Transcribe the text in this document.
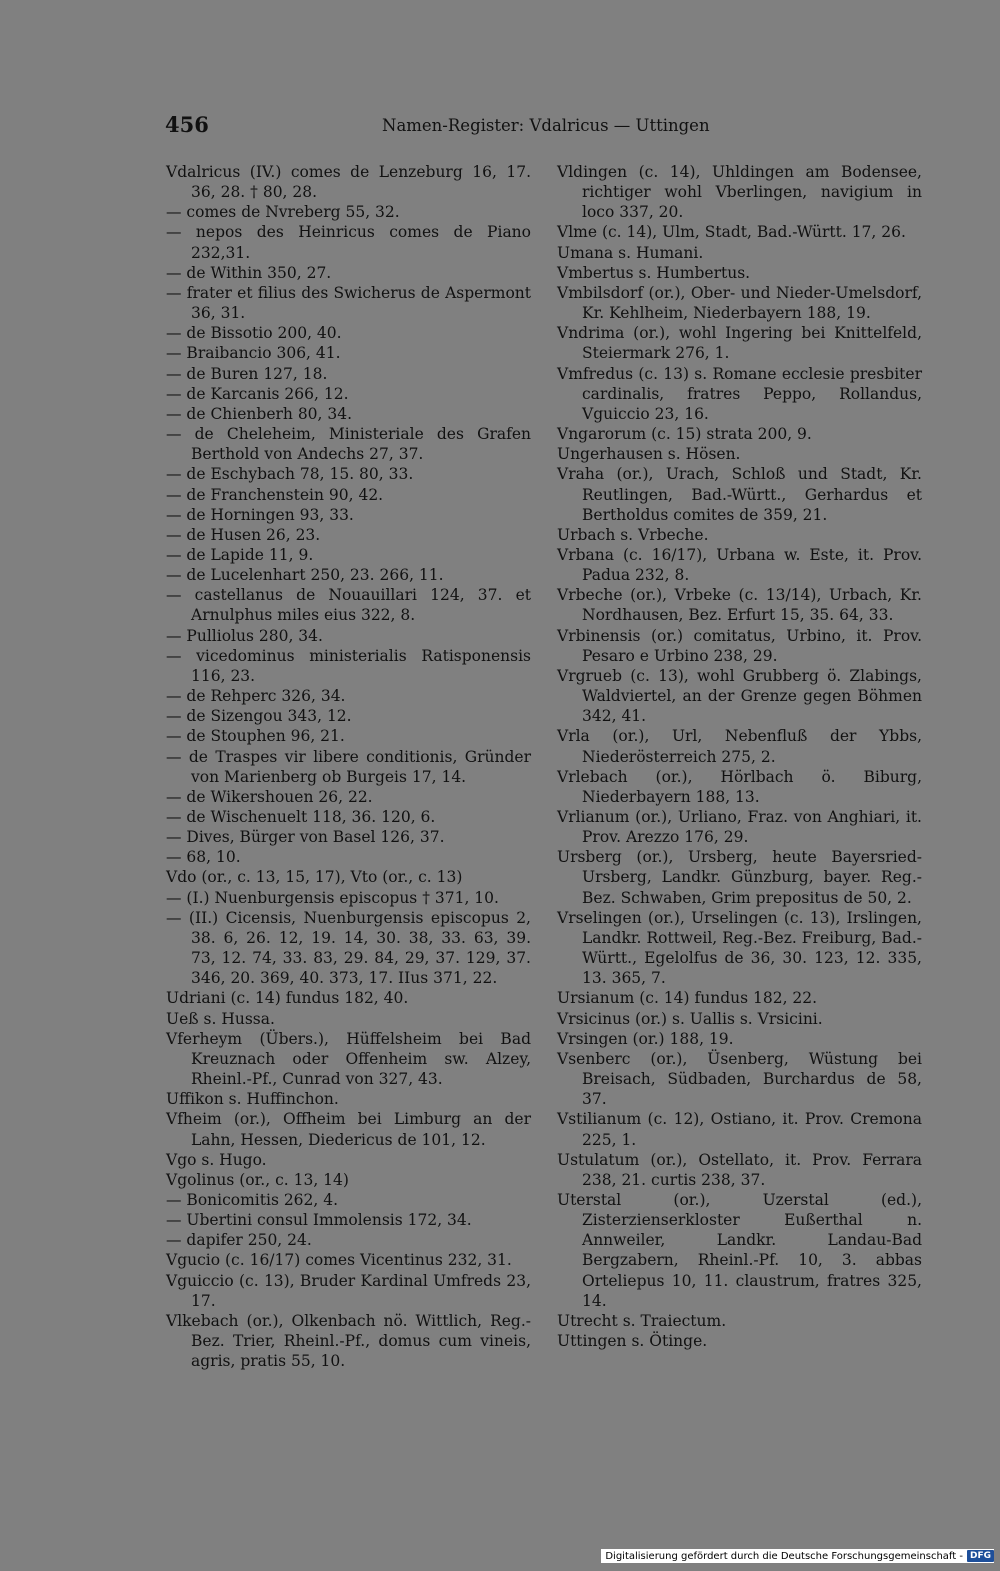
456	Namen-Register: Vdalricus — Uttingen
Vdalricus (IV.) comes de Lenzeburg 16, 17. 36, 28. † 80, 28.
— comes de Nvreberg 55, 32.
— nepos des Heinricus comes de Piano 232,31.
— de Within 350, 27.
— frater et filius des Swicherus de Aspermont 36, 31.
— de Bissotio 200, 40.
— Braibancio 306, 41.
— de Buren 127, 18.
— de Karcanis 266, 12.
— de Chienberh 80, 34.
— de Cheleheim, Ministeriale des Grafen Berthold von Andechs 27, 37.
— de Eschybach 78, 15. 80, 33.
— de Franchenstein 90, 42.
— de Horningen 93, 33.
— de Husen 26, 23.
— de Lapide 11, 9.
— de Lucelenhart 250, 23. 266, 11.
— castellanus de Nouauillari 124, 37. et Arnulphus miles eius 322, 8.
— Pulliolus 280, 34.
— vicedominus ministerialis Ratisponensis 116, 23.
— de Rehperc 326, 34.
— de Sizengou 343, 12.
— de Stouphen 96, 21.
— de Traspes vir libere conditionis, Gründer von Marienberg ob Burgeis 17, 14.
— de Wikershouen 26, 22.
— de Wischenuelt 118, 36. 120, 6.
— Dives, Bürger von Basel 126, 37.
— 68, 10.
Vdo (or., c. 13, 15, 17), Vto (or., c. 13)
— (I.) Nuenburgensis episcopus † 371, 10.
— (II.) Cicensis, Nuenburgensis episcopus 2, 38. 6, 26. 12, 19. 14, 30. 38, 33. 63, 39. 73, 12. 74, 33. 83, 29. 84, 29, 37. 129, 37. 346, 20. 369, 40. 373, 17. IIus 371, 22.
Udriani (c. 14) fundus 182, 40.
Ueß s. Hussa.
Vferheym (Übers.), Hüffelsheim bei Bad Kreuznach oder Offenheim sw. Alzey, Rheinl.-Pf., Cunrad von 327, 43.
Uffikon s. Huffinchon.
Vfheim (or.), Offheim bei Limburg an der Lahn, Hessen, Diedericus de 101, 12.
Vgo s. Hugo.
Vgolinus (or., c. 13, 14)
— Bonicomitis 262, 4.
— Ubertini consul Immolensis 172, 34.
— dapifer 250, 24.
Vgucio (c. 16/17) comes Vicentinus 232, 31.
Vguiccio (c. 13), Bruder Kardinal Umfreds 23, 17.
Vlkebach (or.), Olkenbach nö. Wittlich, Reg.-Bez. Trier, Rheinl.-Pf., domus cum vineis, agris, pratis 55, 10.
Vldingen (c. 14), Uhldingen am Bodensee, richtiger wohl Vberlingen, navigium in loco 337, 20.
Vlme (c. 14), Ulm, Stadt, Bad.-Württ. 17, 26.
Umana s. Humani.
Vmbertus s. Humbertus.
Vmbilsdorf (or.), Ober- und Nieder-Umelsdorf, Kr. Kehlheim, Niederbayern 188, 19.
Vndrima (or.), wohl Ingering bei Knittelfeld, Steiermark 276, 1.
Vmfredus (c. 13) s. Romane ecclesie presbiter cardinalis, fratres Peppo, Rollandus, Vguiccio 23, 16.
Vngarorum (c. 15) strata 200, 9.
Ungerhausen s. Hösen.
Vraha (or.), Urach, Schloß und Stadt, Kr. Reutlingen, Bad.-Württ., Gerhardus et Bertholdus comites de 359, 21.
Urbach s. Vrbeche.
Vrbana (c. 16/17), Urbana w. Este, it. Prov. Padua 232, 8.
Vrbeche (or.), Vrbeke (c. 13/14), Urbach, Kr. Nordhausen, Bez. Erfurt 15, 35. 64, 33.
Vrbinensis (or.) comitatus, Urbino, it. Prov. Pesaro e Urbino 238, 29.
Vrgrueb (c. 13), wohl Grubberg ö. Zlabings, Waldviertel, an der Grenze gegen Böhmen 342, 41.
Vrla (or.), Url, Nebenfluß der Ybbs, Niederösterreich 275, 2.
Vrlebach (or.), Hörlbach ö. Biburg, Niederbayern 188, 13.
Vrlianum (or.), Urliano, Fraz. von Anghiari, it. Prov. Arezzo 176, 29.
Ursberg (or.), Ursberg, heute Bayersried-Ursberg, Landkr. Günzburg, bayer. Reg.-Bez. Schwaben, Grim prepositus de 50, 2.
Vrselingen (or.), Urselingen (c. 13), Irslingen, Landkr. Rottweil, Reg.-Bez. Freiburg, Bad.-Württ., Egelolfus de 36, 30. 123, 12. 335, 13. 365, 7.
Ursianum (c. 14) fundus 182, 22.
Vrsicinus (or.) s. Uallis s. Vrsicini.
Vrsingen (or.) 188, 19.
Vsenberc (or.), Üsenberg, Wüstung bei Breisach, Südbaden, Burchardus de 58, 37.
Vstilianum (c. 12), Ostiano, it. Prov. Cremona 225, 1.
Ustulatum (or.), Ostellato, it. Prov. Ferrara 238, 21. curtis 238, 37.
Uterstal (or.), Uzerstal (ed.), Zisterzienserkloster Eußerthal n. Annweiler, Landkr. Landau-Bad Bergzabern, Rheinl.-Pf. 10, 3. abbas Orteliepus 10, 11. claustrum, fratres 325, 14.
Utrecht s. Traiectum.
Uttingen s. Ötinge.
Digitalisierung gefördert durch die Deutsche Forschungsgemeinschaft - DFG
